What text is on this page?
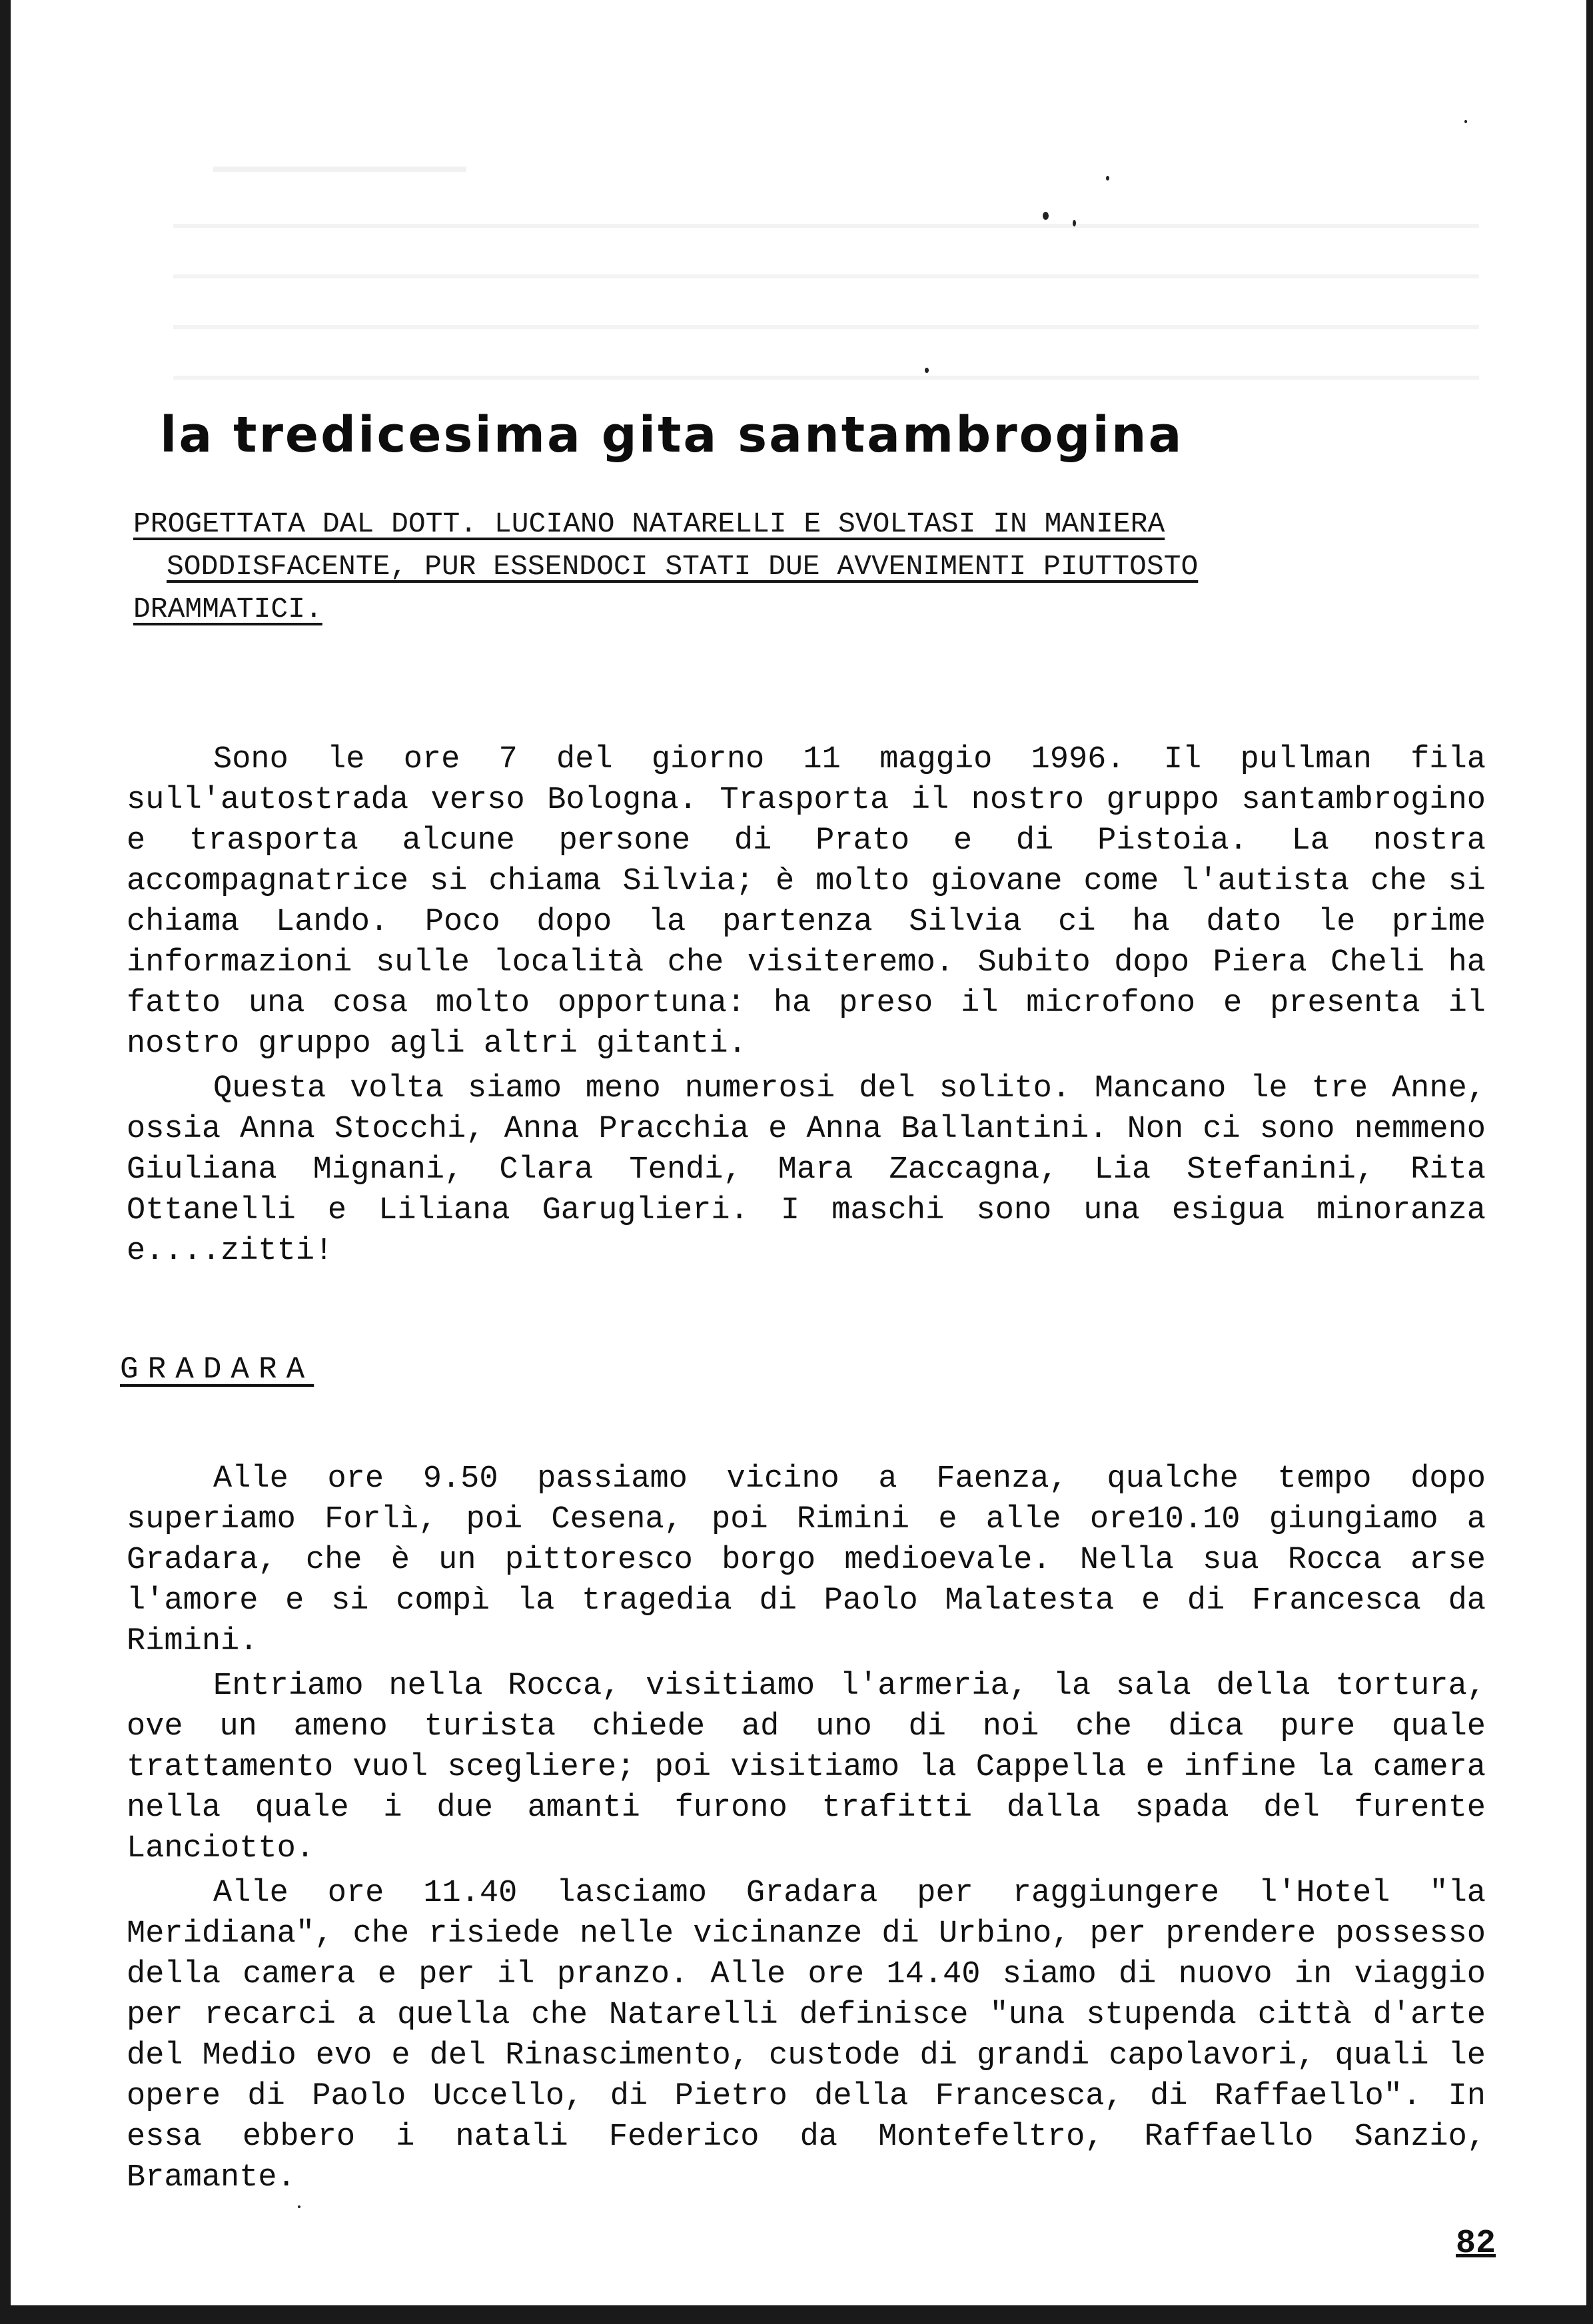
la tredicesima gita santambrogina
PROGETTATA DAL DOTT. LUCIANO NATARELLI E SVOLTASI IN MANIERA
SODDISFACENTE, PUR ESSENDOCI STATI DUE AVVENIMENTI PIUTTOSTO
DRAMMATICI.

Sono le ore 7 del giorno 11 maggio 1996. Il pullman fila sull'autostrada verso Bologna. Trasporta il nostro gruppo santambrogino e trasporta alcune persone di Prato e di Pistoia. La nostra accompagnatrice si chiama Silvia; è molto giovane come l'autista che si chiama Lando. Poco dopo la partenza Silvia ci ha dato le prime informazioni sulle località che visiteremo. Subito dopo Piera Cheli ha fatto una cosa molto opportuna: ha preso il microfono e presenta il nostro gruppo agli altri gitanti.

Questa volta siamo meno numerosi del solito. Mancano le tre Anne, ossia Anna Stocchi, Anna Pracchia e Anna Ballantini. Non ci sono nemmeno Giuliana Mignani, Clara Tendi, Mara Zaccagna, Lia Stefanini, Rita Ottanelli e Liliana Garuglieri. I maschi sono una esigua minoranza e....zitti!

GRADARA

Alle ore 9.50 passiamo vicino a Faenza, qualche tempo dopo superiamo Forlì, poi Cesena, poi Rimini e alle ore10.10 giungiamo a Gradara, che è un pittoresco borgo medioevale. Nella sua Rocca arse l'amore e si compì la tragedia di Paolo Malatesta e di Francesca da Rimini.

Entriamo nella Rocca, visitiamo l'armeria, la sala della tortura, ove un ameno turista chiede ad uno di noi che dica pure quale trattamento vuol scegliere; poi visitiamo la Cappella e infine la camera nella quale i due amanti furono trafitti dalla spada del furente Lanciotto.

Alle ore 11.40 lasciamo Gradara per raggiungere l'Hotel "la Meridiana", che risiede nelle vicinanze di Urbino, per prendere possesso della camera e per il pranzo. Alle ore 14.40 siamo di nuovo in viaggio per recarci a quella che Natarelli definisce "una stupenda città d'arte del Medio evo e del Rinascimento, custode di grandi capolavori, quali le opere di Paolo Uccello, di Pietro della Francesca, di Raffaello". In essa ebbero i natali Federico da Montefeltro, Raffaello Sanzio, Bramante.

82
